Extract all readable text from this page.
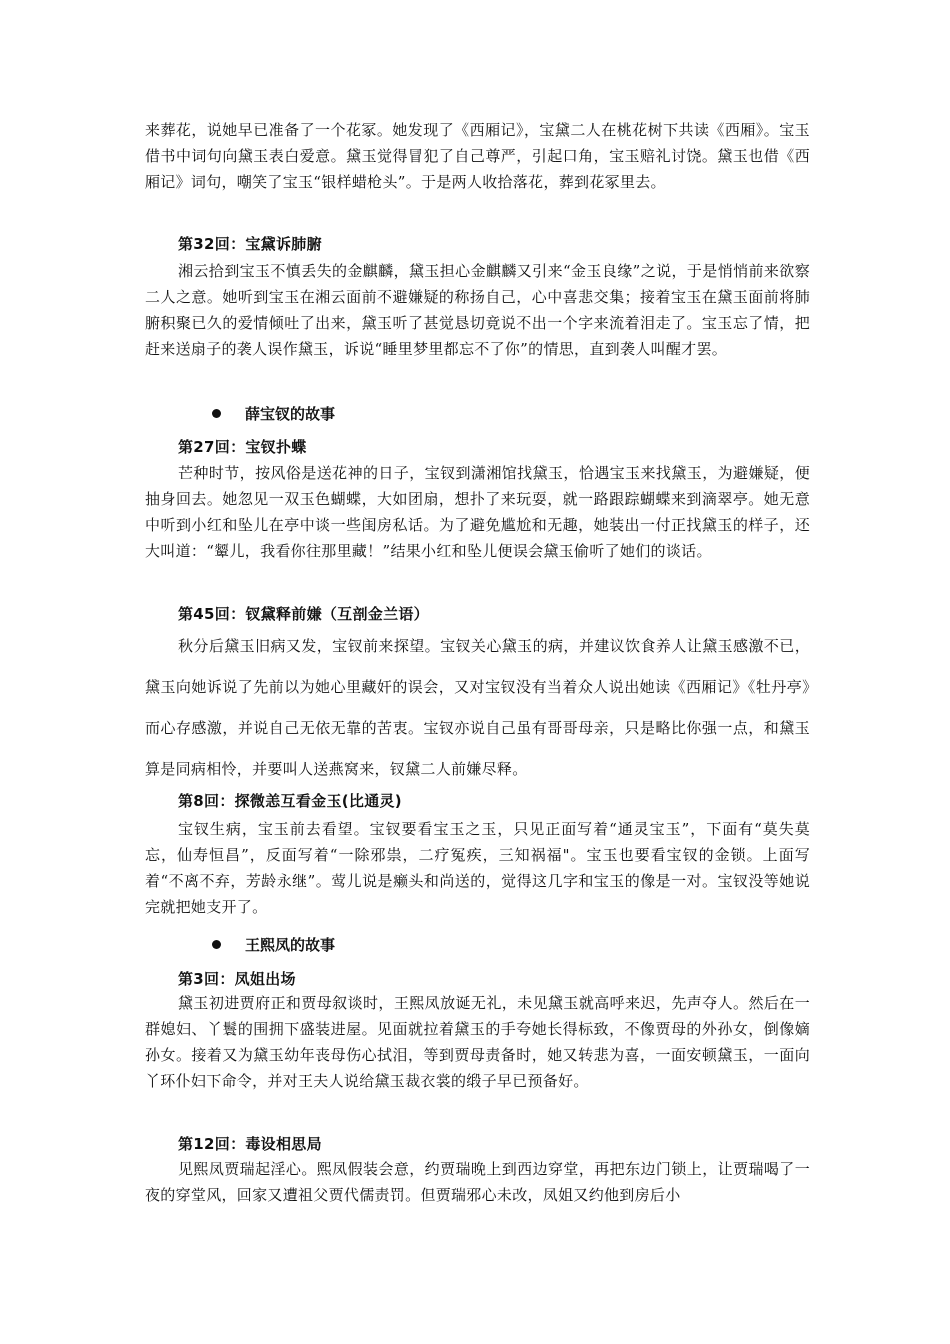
来葬花，说她早已准备了一个花冢。她发现了《西厢记》，宝黛二人在桃花树下共读《西厢》。宝玉借书中词句向黛玉表白爱意。黛玉觉得冒犯了自己尊严，引起口角，宝玉赔礼讨饶。黛玉也借《西厢记》词句，嘲笑了宝玉“银样蜡枪头”。于是两人收拾落花，葬到花冢里去。

第32回：宝黛诉肺腑

湘云拾到宝玉不慎丢失的金麒麟，黛玉担心金麒麟又引来“金玉良缘”之说，于是悄悄前来欲察二人之意。她听到宝玉在湘云面前不避嫌疑的称扬自己，心中喜悲交集；接着宝玉在黛玉面前将肺腑积聚已久的爱情倾吐了出来，黛玉听了甚觉恳切竟说不出一个字来流着泪走了。宝玉忘了情，把赶来送扇子的袭人误作黛玉，诉说“睡里梦里都忘不了你”的情思，直到袭人叫醒才罢。

薛宝钗的故事
第27回：宝钗扑蝶

芒种时节，按风俗是送花神的日子，宝钗到潇湘馆找黛玉，恰遇宝玉来找黛玉，为避嫌疑，便抽身回去。她忽见一双玉色蝴蝶，大如团扇，想扑了来玩耍，就一路跟踪蝴蝶来到滴翠亭。她无意中听到小红和坠儿在亭中谈一些闺房私话。为了避免尴尬和无趣，她装出一付正找黛玉的样子，还大叫道：“颦儿，我看你往那里藏！”结果小红和坠儿便误会黛玉偷听了她们的谈话。

第45回：钗黛释前嫌（互剖金兰语）

秋分后黛玉旧病又发，宝钗前来探望。宝钗关心黛玉的病，并建议饮食养人让黛玉感激不已，黛玉向她诉说了先前以为她心里藏奸的误会，又对宝钗没有当着众人说出她读《西厢记》《牡丹亭》而心存感激，并说自己无依无靠的苦衷。宝钗亦说自己虽有哥哥母亲，只是略比你强一点，和黛玉算是同病相怜，并要叫人送燕窝来，钗黛二人前嫌尽释。

第8回：探微恙互看金玉(比通灵)

宝钗生病，宝玉前去看望。宝钗要看宝玉之玉，只见正面写着“通灵宝玉”，下面有“莫失莫忘，仙寿恒昌”，反面写着“一除邪祟，二疗冤疾，三知祸福"。宝玉也要看宝钗的金锁。上面写着“不离不弃，芳龄永继”。莺儿说是癞头和尚送的，觉得这几字和宝玉的像是一对。宝钗没等她说完就把她支开了。

王熙凤的故事
第3回：凤姐出场

黛玉初进贾府正和贾母叙谈时，王熙凤放诞无礼，未见黛玉就高呼来迟，先声夺人。然后在一群媳妇、丫鬟的围拥下盛装进屋。见面就拉着黛玉的手夸她长得标致，不像贾母的外孙女，倒像嫡孙女。接着又为黛玉幼年丧母伤心拭泪，等到贾母责备时，她又转悲为喜，一面安顿黛玉，一面向丫环仆妇下命令，并对王夫人说给黛玉裁衣裳的缎子早已预备好。

第12回：毒设相思局

见熙凤贾瑞起淫心。熙凤假装会意，约贾瑞晚上到西边穿堂，再把东边门锁上，让贾瑞喝了一夜的穿堂风，回家又遭祖父贾代儒责罚。但贾瑞邪心未改，凤姐又约他到房后小
